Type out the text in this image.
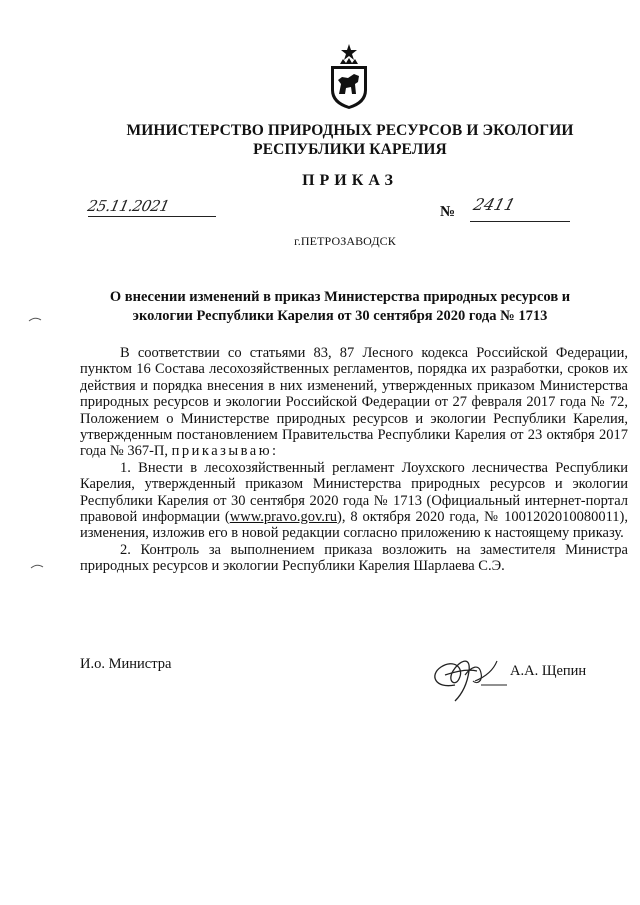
МИНИСТЕРСТВО ПРИРОДНЫХ РЕСУРСОВ И ЭКОЛОГИИ
РЕСПУБЛИКИ КАРЕЛИЯ
ПРИКАЗ
25.11.2021	№ 2411
г.ПЕТРОЗАВОДСК
О внесении изменений в приказ Министерства природных ресурсов и
экологии Республики Карелия от 30 сентября 2020 года № 1713

В соответствии со статьями 83, 87 Лесного кодекса Российской Федерации, пунктом 16 Состава лесохозяйственных регламентов, порядка их разработки, сроков их действия и порядка внесения в них изменений, утвержденных приказом Министерства природных ресурсов и экологии Российской Федерации от 27 февраля 2017 года № 72, Положением о Министерстве природных ресурсов и экологии Республики Карелия, утвержденным постановлением Правительства Республики Карелия от 23 октября 2017 года № 367-П, приказываю:

1. Внести в лесохозяйственный регламент Лоухского лесничества Республики Карелия, утвержденный приказом Министерства природных ресурсов и экологии Республики Карелия от 30 сентября 2020 года № 1713 (Официальный интернет-портал правовой информации (www.pravo.gov.ru), 8 октября 2020 года, № 1001202010080011), изменения, изложив его в новой редакции согласно приложению к настоящему приказу.

2. Контроль за выполнением приказа возложить на заместителя Министра природных ресурсов и экологии Республики Карелия Шарлаева С.Э.

И.о. Министра	А.А. Щепин
